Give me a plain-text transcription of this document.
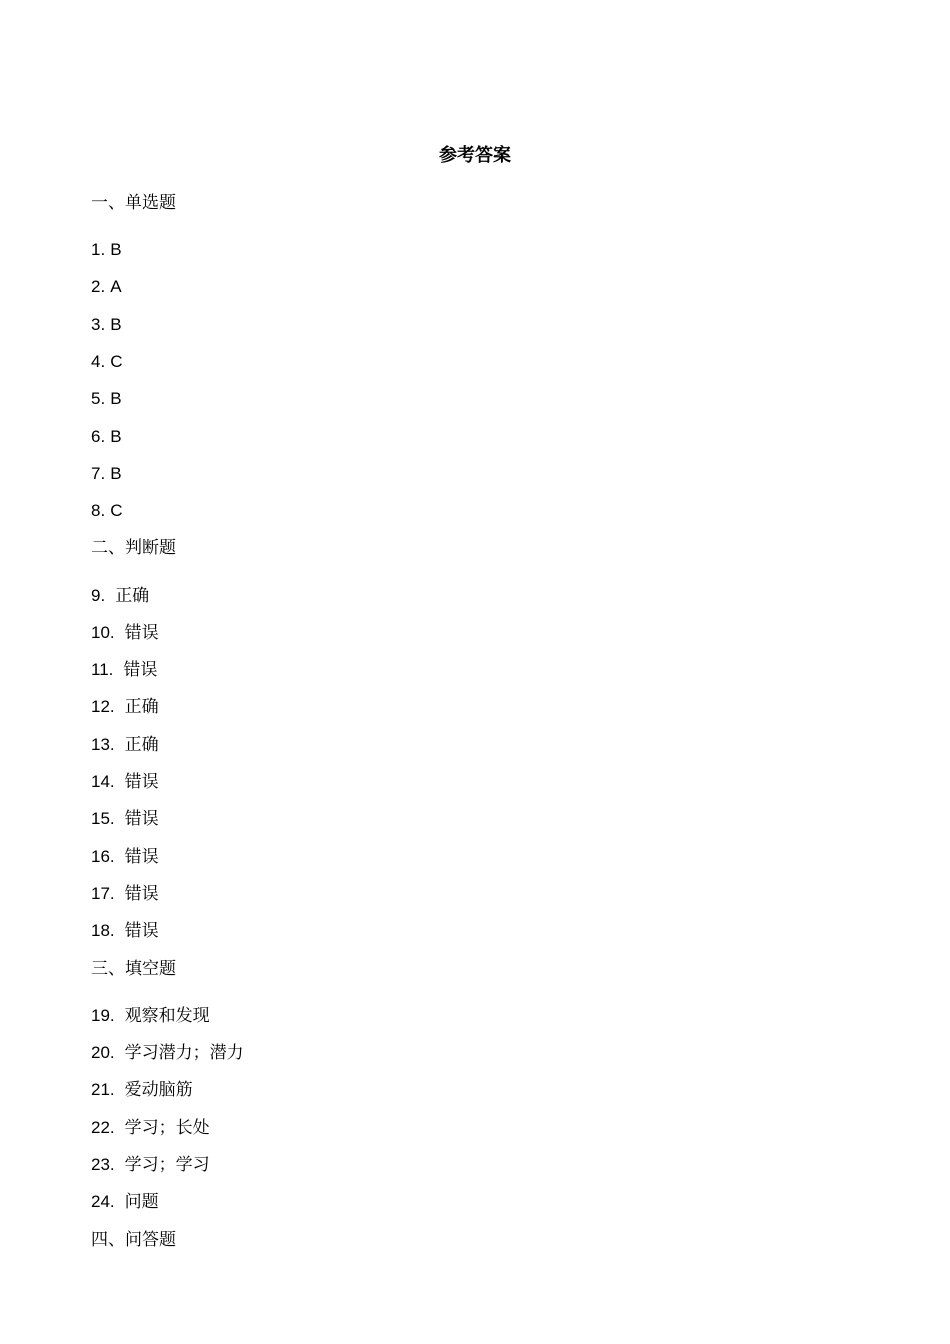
参考答案
一、单选题
1. B
2. A
3. B
4. C
5. B
6. B
7. B
8. C
二、判断题
9. 正确
10. 错误
11. 错误
12. 正确
13. 正确
14. 错误
15. 错误
16. 错误
17. 错误
18. 错误
三、填空题
19. 观察和发现
20. 学习潜力；潜力
21. 爱动脑筋
22. 学习；长处
23. 学习；学习
24. 问题
四、问答题
